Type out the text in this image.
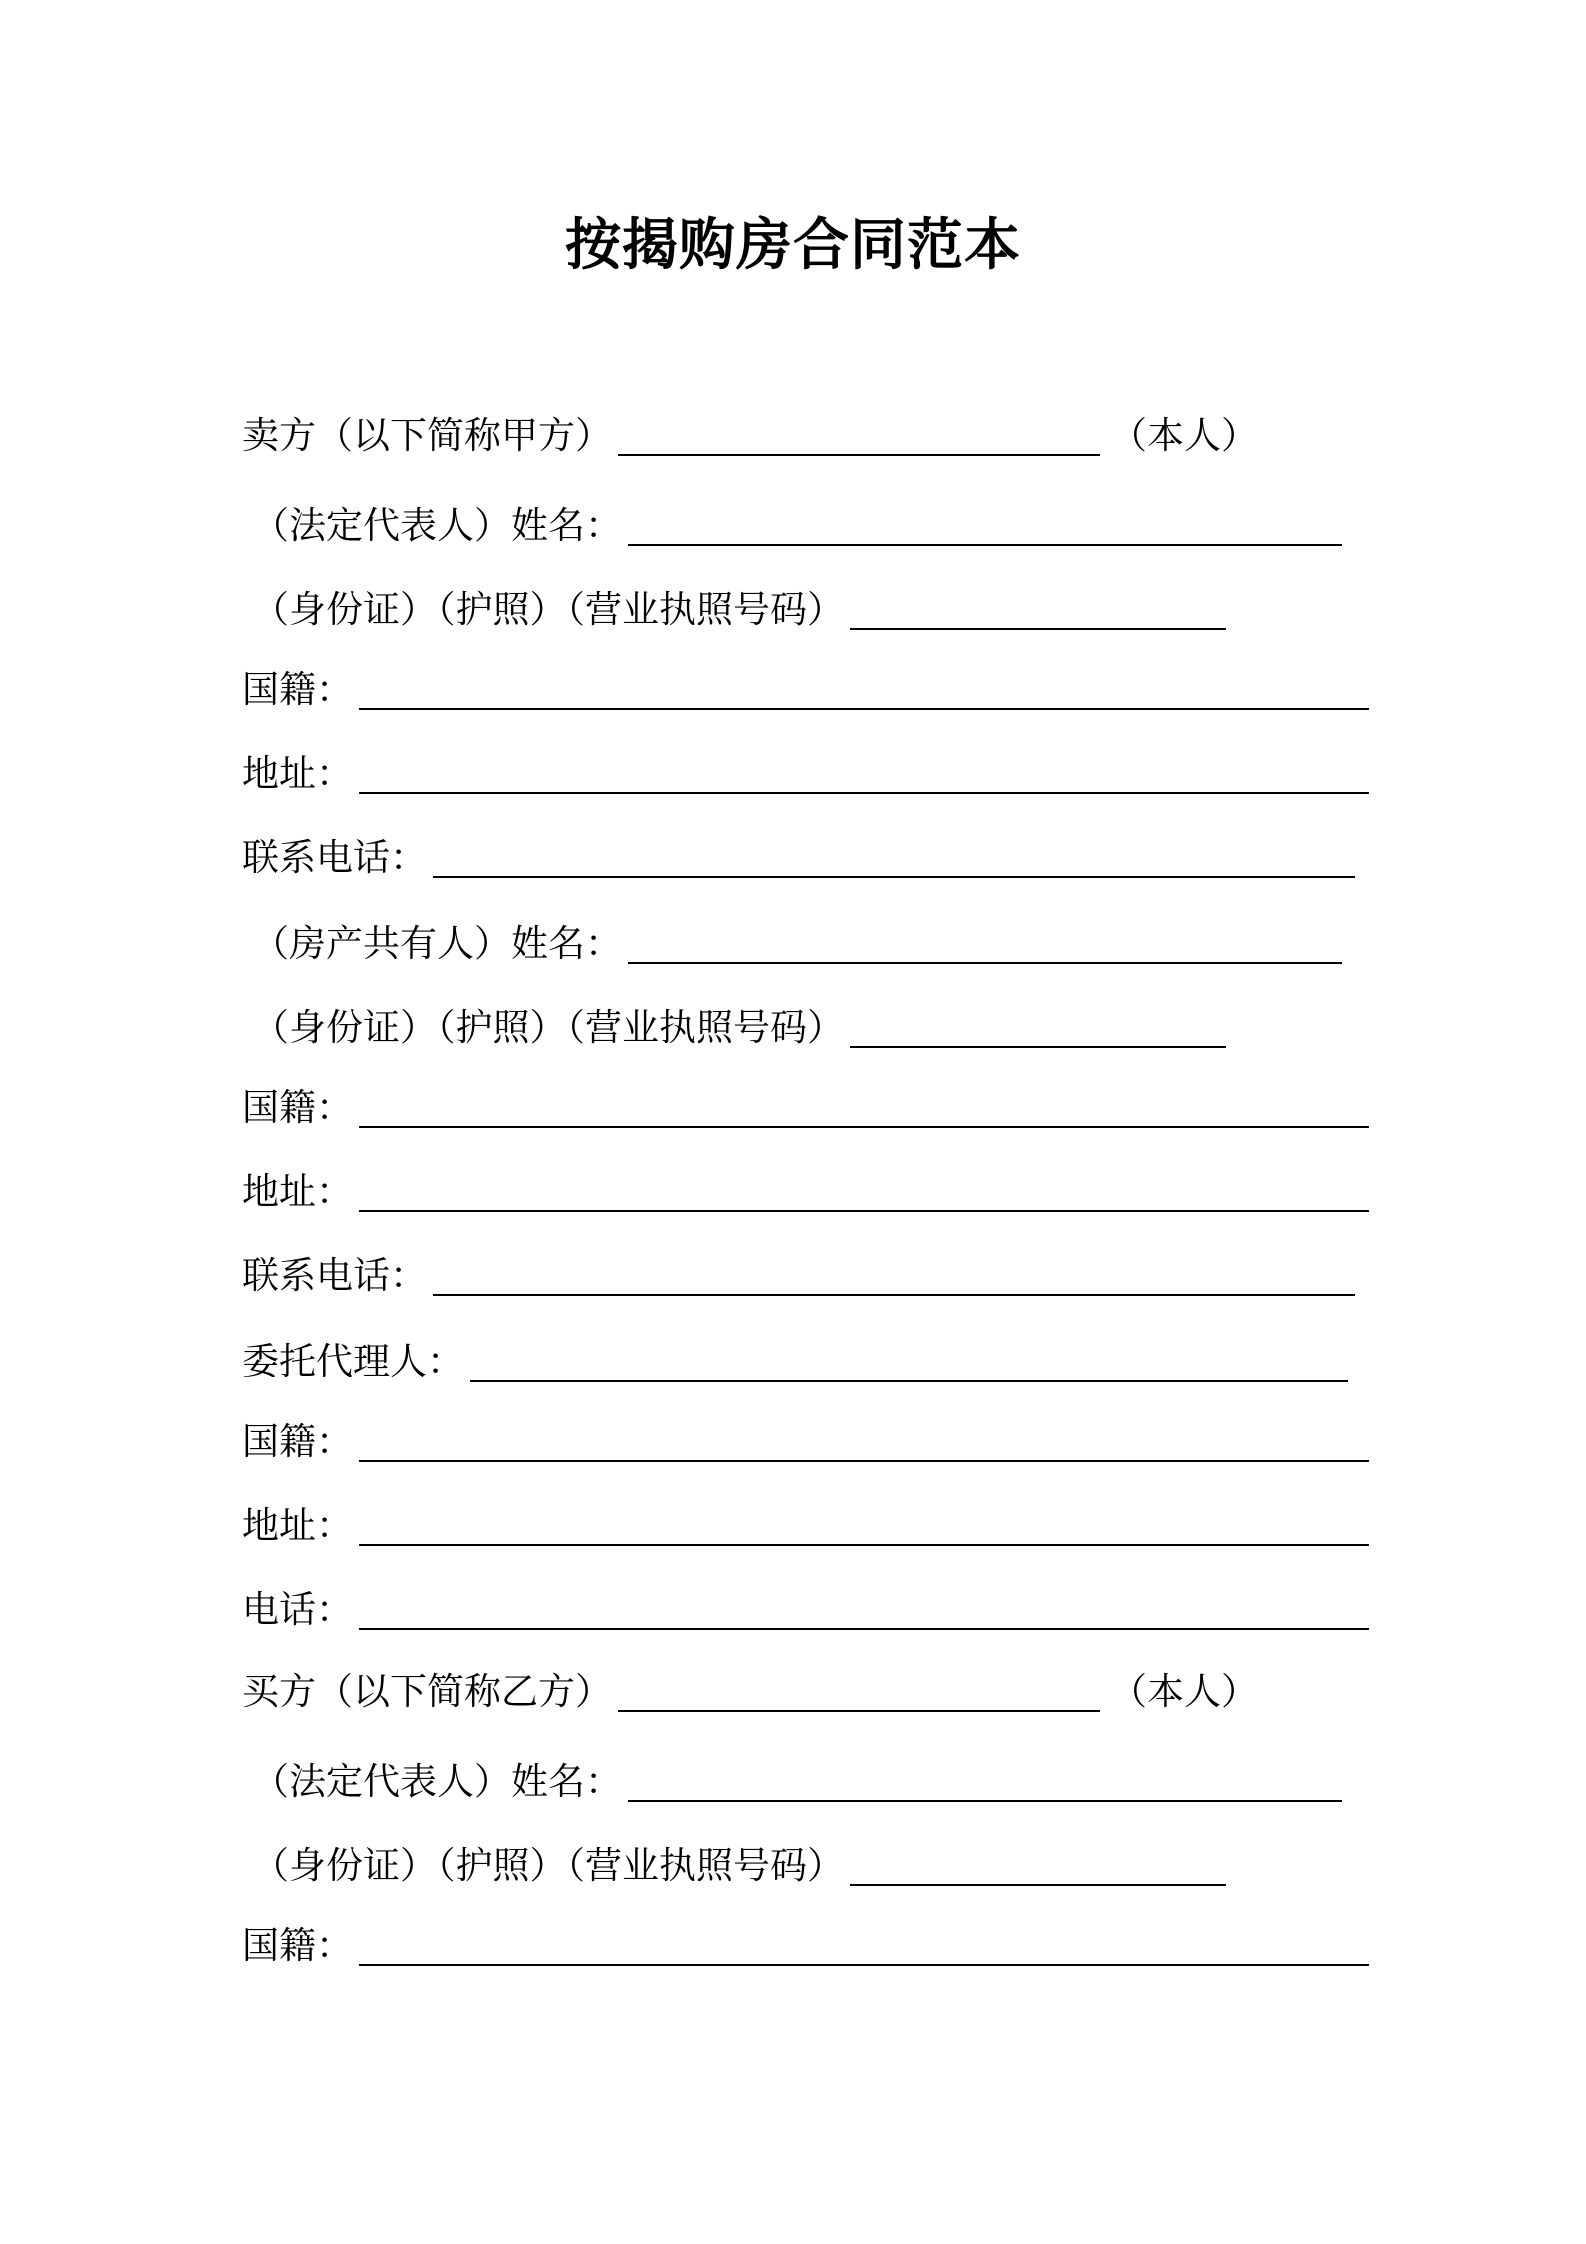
按揭购房合同范本
卖方（以下简称甲方）	（本人）
（法定代表人）姓名：
（身份证）（护照）（营业执照号码）
国籍：
地址：
联系电话：
（房产共有人）姓名：
（身份证）（护照）（营业执照号码）
国籍：
地址：
联系电话：
委托代理人：
国籍：
地址：
电话：
买方（以下简称乙方）	（本人）
（法定代表人）姓名：
（身份证）（护照）（营业执照号码）
国籍：
